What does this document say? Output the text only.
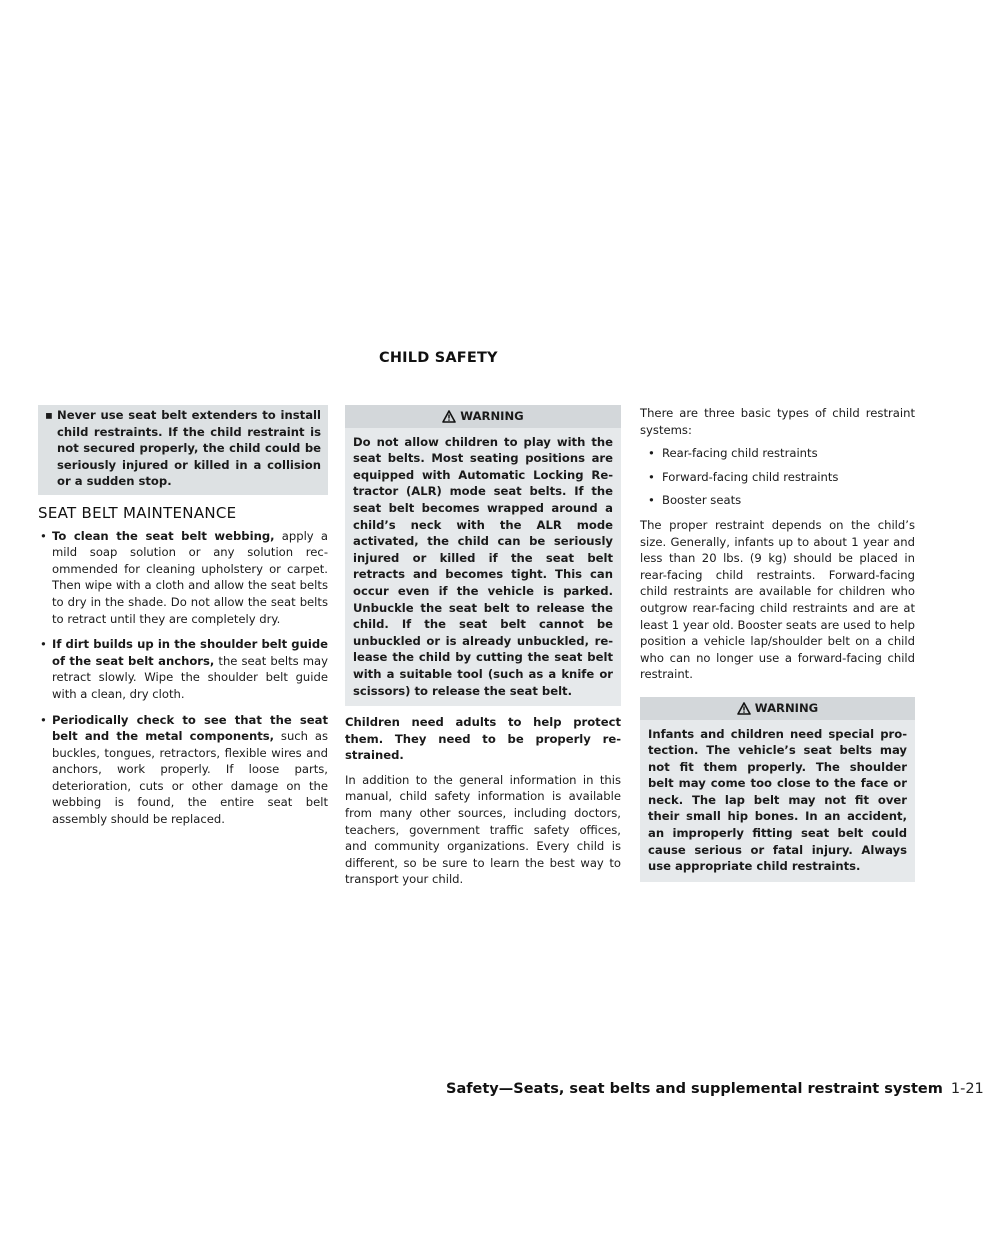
CHILD SAFETY
▪ Never use seat belt extenders to install child restraints. If the child restraint is not secured properly, the child could be seriously injured or killed in a collision or a sudden stop.
SEAT BELT MAINTENANCE
• To clean the seat belt webbing, apply a mild soap solution or any solution recommended for cleaning upholstery or carpet. Then wipe with a cloth and allow the seat belts to dry in the shade. Do not allow the seat belts to retract until they are completely dry.
• If dirt builds up in the shoulder belt guide of the seat belt anchors, the seat belts may retract slowly. Wipe the shoulder belt guide with a clean, dry cloth.
• Periodically check to see that the seat belt and the metal components, such as buckles, tongues, retractors, flexible wires and anchors, work properly. If loose parts, deterioration, cuts or other damage on the webbing is found, the entire seat belt assembly should be replaced.
WARNING
Do not allow children to play with the seat belts. Most seating positions are equipped with Automatic Locking Retractor (ALR) mode seat belts. If the seat belt becomes wrapped around a child’s neck with the ALR mode activated, the child can be seriously injured or killed if the seat belt retracts and becomes tight. This can occur even if the vehicle is parked. Unbuckle the seat belt to release the child. If the seat belt cannot be unbuckled or is already unbuckled, release the child by cutting the seat belt with a suitable tool (such as a knife or scissors) to release the seat belt.
Children need adults to help protect them. They need to be properly restrained.
In addition to the general information in this manual, child safety information is available from many other sources, including doctors, teachers, government traffic safety offices, and community organizations. Every child is different, so be sure to learn the best way to transport your child.
There are three basic types of child restraint systems:
• Rear-facing child restraints
• Forward-facing child restraints
• Booster seats
The proper restraint depends on the child’s size. Generally, infants up to about 1 year and less than 20 lbs. (9 kg) should be placed in rear-facing child restraints. Forward-facing child restraints are available for children who outgrow rear-facing child restraints and are at least 1 year old. Booster seats are used to help position a vehicle lap/shoulder belt on a child who can no longer use a forward-facing child restraint.
WARNING
Infants and children need special protection. The vehicle’s seat belts may not fit them properly. The shoulder belt may come too close to the face or neck. The lap belt may not fit over their small hip bones. In an accident, an improperly fitting seat belt could cause serious or fatal injury. Always use appropriate child restraints.
Safety—Seats, seat belts and supplemental restraint system 1-21
